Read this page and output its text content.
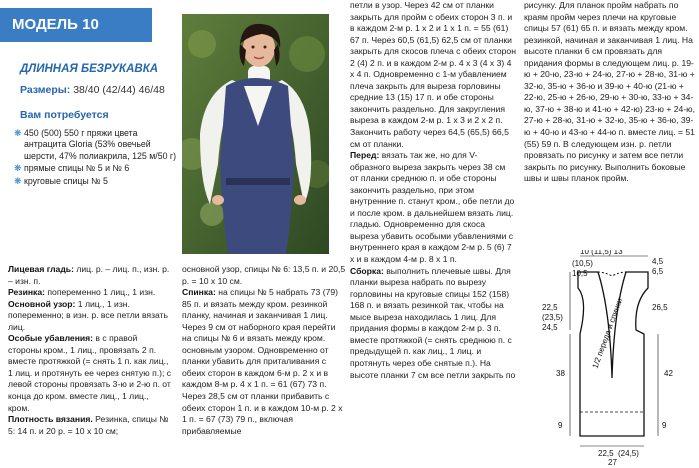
МОДЕЛЬ 10
ДЛИННАЯ БЕЗРУКАВКА
Размеры: 38/40 (42/44) 46/48
Вам потребуется
❋ 450 (500) 550 г пряжи цвета антрацита Gloria (53% овечьей шерсти, 47% полиакрила, 125 м/50 г)
❋ прямые спицы № 5 и № 6
❋ круговые спицы № 5

Лицевая гладь: лиц. р. – лиц. п., изн. р. – изн. п.

Резинка: попеременно 1 лиц., 1 изн.

Основной узор: 1 лиц., 1 изн. попеременно; в изн. р. все петли вязать лиц.

Особые убавления: в с правой стороны кром., 1 лиц., провязать 2 п. вместе протяжкой (= снять 1 п. как лиц., 1 лиц. и протянуть ее через снятую п.); с левой стороны провязать 3-ю и 2-ю п. от конца до кром. вместе лиц., 1 лиц., кром.

Плотность вязания. Резинка, спицы № 5: 14 п. и 20 р. = 10 х 10 см;

основной узор, спицы № 6: 13,5 п. и 20,5 р. = 10 х 10 см.

Спинка: на спицы № 5 набрать 73 (79) 85 п. и вязать между кром. резинкой планку, начиная и заканчивая 1 лиц. Через 9 см от наборного края перейти на спицы № 6 и вязать между кром. основным узором. Одновременно от планки убавить для приталивания с обеих сторон в каждом 6-м р. 2 х и в каждом 8-м р. 4 х 1 п. = 61 (67) 73 п. Через 28,5 см от планки прибавить с обеих сторон 1 п. и в каждом 10-м р. 2 х 1 п. = 67 (73) 79 п., включая прибавляемые

петли в узор. Через 42 см от планки закрыть для пройм с обеих сторон 3 п. и в каждом 2-м р. 1 х 2 и 1 х 1 п. = 55 (61) 67 п. Через 60,5 (61,5) 62,5 см от планки закрыть для скосов плеча с обеих сторон 2 (4) 2 п. и в каждом 2-м р. 4 х 3 (4 х 3) 4 х 4 п. Одновременно с 1-м убавлением плеча закрыть для выреза горловины средние 13 (15) 17 п. и обе стороны закончить раздельно. Для закругления выреза в каждом 2-м р. 1 х 3 и 2 х 2 п. Закончить работу через 64,5 (65,5) 66,5 см от планки.

Перед: вязать так же, но для V-образного выреза закрыть через 38 см от планки среднюю п. и обе стороны закончить раздельно, при этом внутренние п. станут кром., обе петли до и после кром. в дальнейшем вязать лиц. гладью. Одновременно для скоса выреза убавить особыми убавлениями с внутреннего края в каждом 2-м р. 5 (6) 7 х и в каждом 4-м р. 8 х 1 п.

Сборка: выполнить плечевые швы. Для планки выреза набрать по вырезу горловины на круговые спицы 152 (158) 168 п. и вязать резинкой так, чтобы на мысе выреза находилась 1 лиц. Для придания формы в каждом 2-м р. 3 п. вместе протяжкой (= снять среднюю п. с предыдущей п. как лиц., 1 лиц. и протянуть через обе снятые п.). На высоте планки 7 см все петли закрыть по

рисунку. Для планок пройм набрать по краям пройм через плечи на круговые спицы 57 (61) 65 п. и вязать между кром. резинкой, начиная и заканчивая 1 лиц. На высоте планки 6 см провязать для придания формы в следующем лиц. р. 19-ю + 20-ю, 23-ю + 24-ю, 27-ю + 28-ю, 31-ю + 32-ю, 35-ю + 36-ю и 39-ю + 40-ю (21-ю + 22-ю, 25-ю + 26-ю, 29-ю + 30-ю, 33-ю + 34-ю, 37-ю + 38-ю и 41-ю + 42-ю) 23-ю + 24-ю, 27-ю + 28-ю, 31-ю + 32-ю, 35-ю + 36-ю, 39-ю + 40-ю и 43-ю + 44-ю п. вместе лиц. = 51 (55) 59 п. В следующем изн. р. петли провязать по рисунку и затем все петли закрыть по рисунку. Выполнить боковые швы и швы планок пройм.

10 (11,5) 13
(10,5)
10,5
4,5
6,5
22,5
(23,5)
24,5
26,5
38	42
1/2 переда и спинки
9	9
22,5 (24,5)
27
